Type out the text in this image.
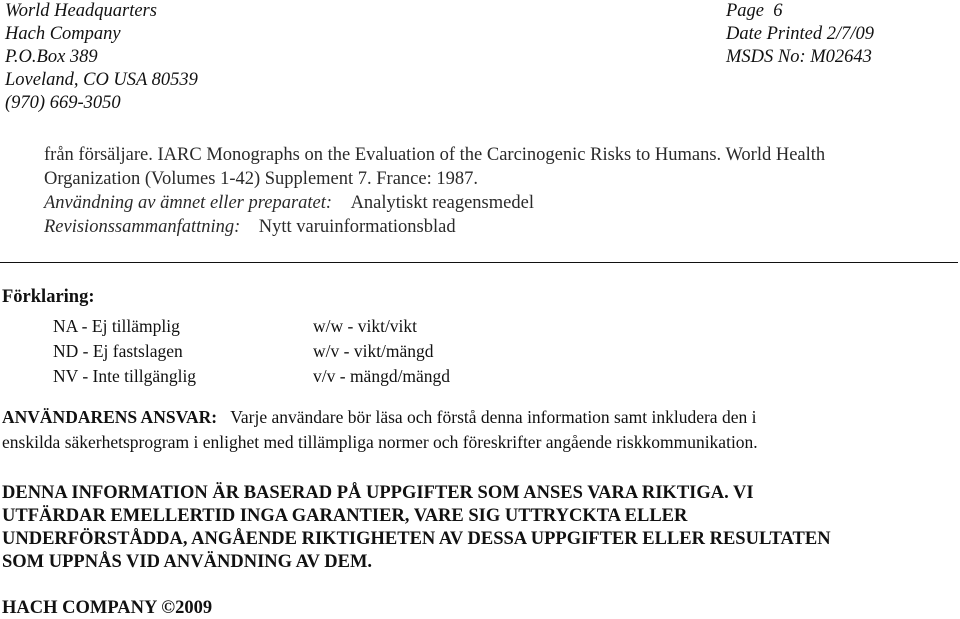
World Headquarters
Hach Company
P.O.Box 389
Loveland, CO USA 80539
(970) 669-3050
Page 6
Date Printed 2/7/09
MSDS No: M02643
från försäljare. IARC Monographs on the Evaluation of the Carcinogenic Risks to Humans. World Health
Organization (Volumes 1-42) Supplement 7. France: 1987.
Användning av ämnet eller preparatet: Analytiskt reagensmedel
Revisionssammanfattning: Nytt varuinformationsblad
Förklaring:
NA - Ej tillämplig
ND - Ej fastslagen
NV - Inte tillgänglig
w/w - vikt/vikt
w/v - vikt/mängd
v/v - mängd/mängd
ANVÄNDARENS ANSVAR: Varje användare bör läsa och förstå denna information samt inkludera den i
enskilda säkerhetsprogram i enlighet med tillämpliga normer och föreskrifter angående riskkommunikation.
DENNA INFORMATION ÄR BASERAD PÅ UPPGIFTER SOM ANSES VARA RIKTIGA. VI
UTFÄRDAR EMELLERTID INGA GARANTIER, VARE SIG UTTRYCKTA ELLER
UNDERFÖRSTÅDDA, ANGÅENDE RIKTIGHETEN AV DESSA UPPGIFTER ELLER RESULTATEN
SOM UPPNÅS VID ANVÄNDNING AV DEM.
HACH COMPANY ©2009
